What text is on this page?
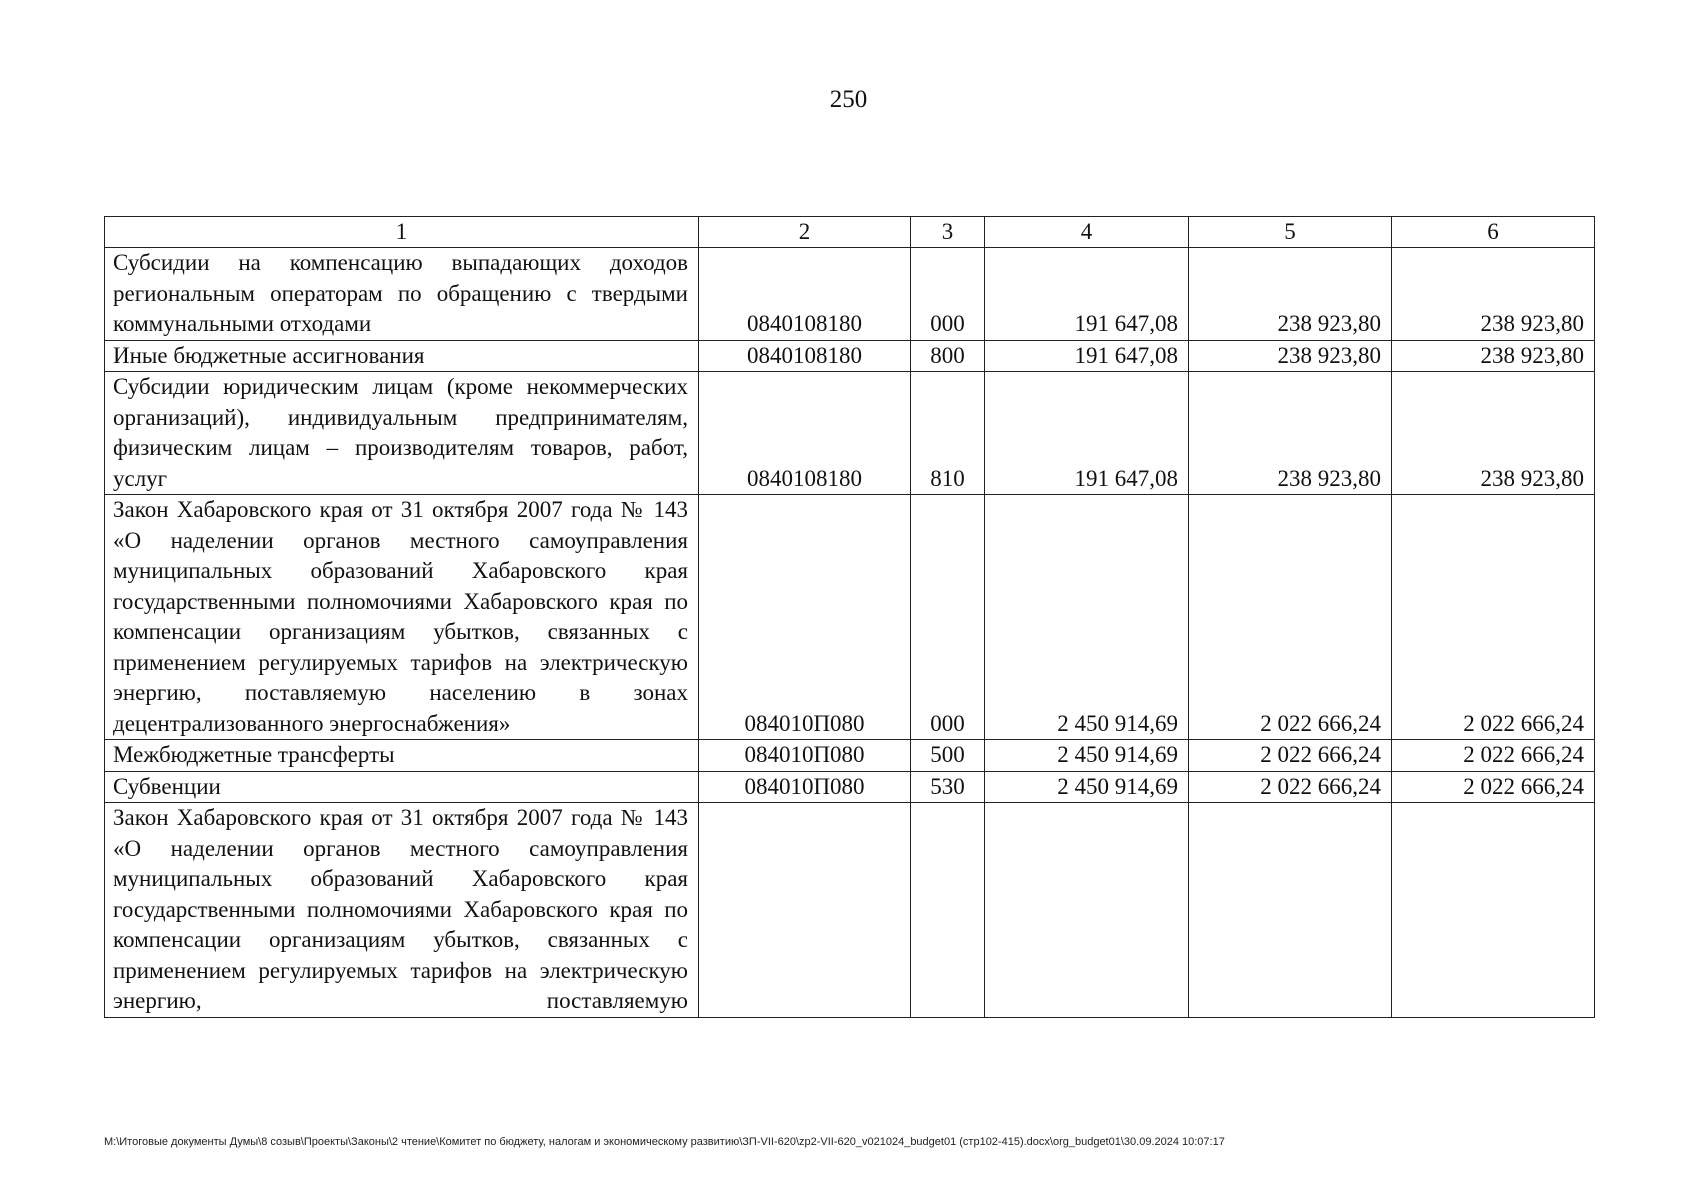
250
1	2	3	4	5	6
Субсидии на компенсацию выпадающих доходов региональным операторам по обращению с твердыми коммунальными отходами	0840108180	000	191 647,08	238 923,80	238 923,80
Иные бюджетные ассигнования	0840108180	800	191 647,08	238 923,80	238 923,80
Субсидии юридическим лицам (кроме некоммерческих организаций), индивидуальным предпринимателям, физическим лицам – производителям товаров, работ, услуг	0840108180	810	191 647,08	238 923,80	238 923,80
Закон Хабаровского края от 31 октября 2007 года № 143 «О наделении органов местного самоуправления муниципальных образований Хабаровского края государственными полномочиями Хабаровского края по компенсации организациям убытков, связанных с применением регулируемых тарифов на электрическую энергию, поставляемую населению в зонах децентрализованного энергоснабжения»	084010П080	000	2 450 914,69	2 022 666,24	2 022 666,24
Межбюджетные трансферты	084010П080	500	2 450 914,69	2 022 666,24	2 022 666,24
Субвенции	084010П080	530	2 450 914,69	2 022 666,24	2 022 666,24
Закон Хабаровского края от 31 октября 2007 года № 143 «О наделении органов местного самоуправления муниципальных образований Хабаровского края государственными полномочиями Хабаровского края по компенсации организациям убытков, связанных с применением регулируемых тарифов на электрическую энергию, поставляемую					
M:\Итоговые документы Думы\8 созыв\Проекты\Законы\2 чтение\Комитет по бюджету, налогам и экономическому развитию\ЗП-VII-620\zp2-VII-620_v021024_budget01 (стр102-415).docx\org_budget01\30.09.2024 10:07:17
